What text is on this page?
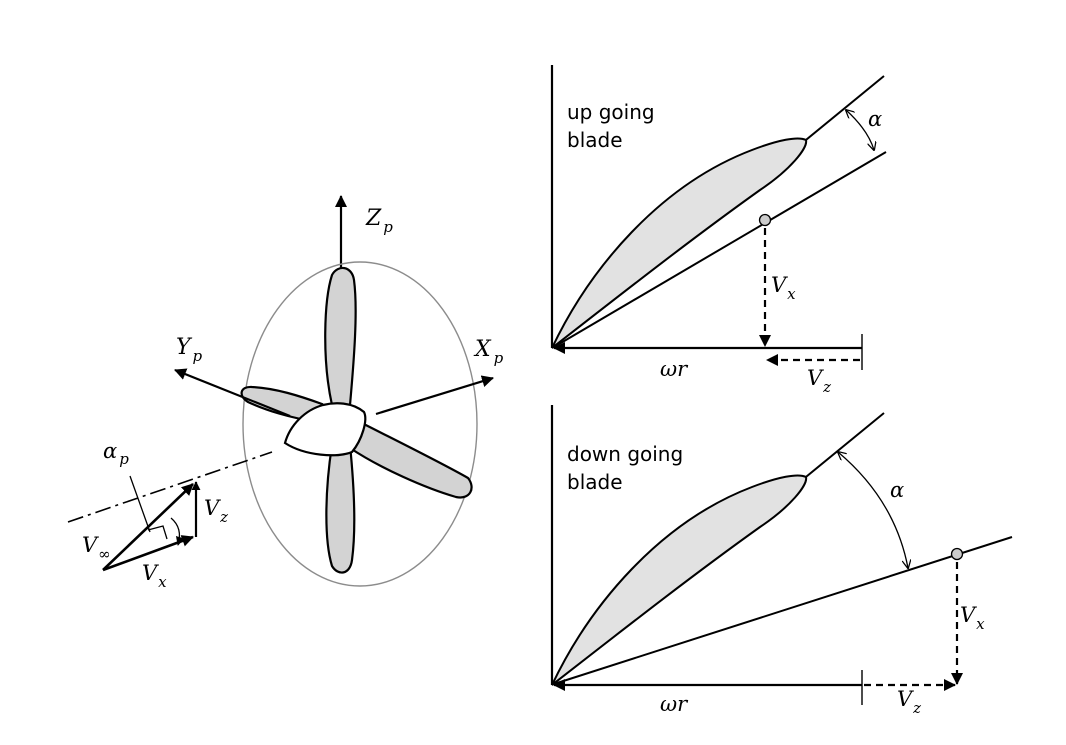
Z $_p$
Y $_p$	X $_p$
α $_p$
$V_\infty$
$V_z$
$V_x$
up going
blade
α
$V_x$
ωr	$V_z$
down going
blade	α
$V_x$
ωr	$V_z$
